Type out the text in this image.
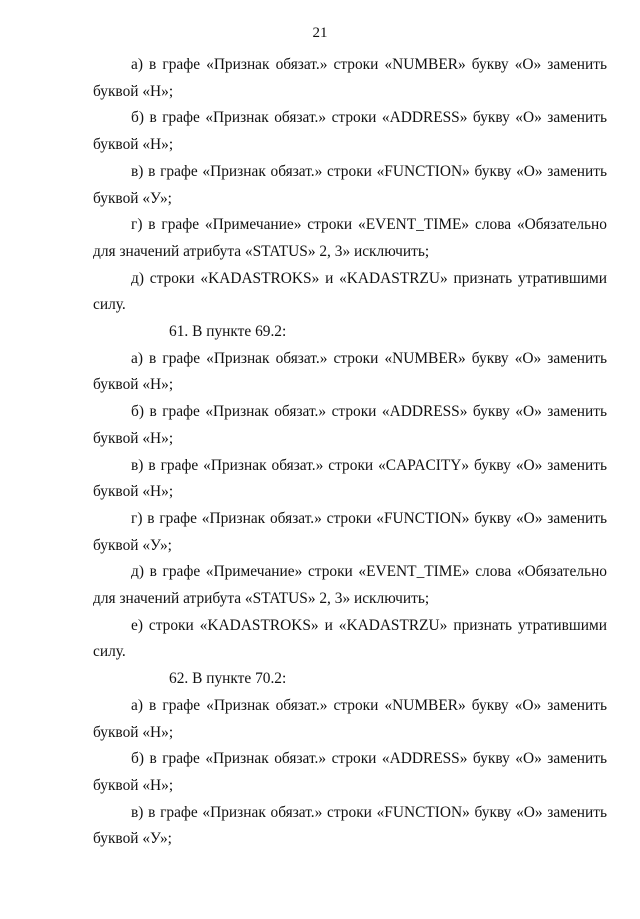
21

а) в графе «Признак обязат.» строки «NUMBER» букву «О» заменить буквой «Н»;

б) в графе «Признак обязат.» строки «ADDRESS» букву «О» заменить буквой «Н»;

в) в графе «Признак обязат.» строки «FUNCTION» букву «О» заменить буквой «У»;

г) в графе «Примечание» строки «EVENT_TIME» слова «Обязательно для значений атрибута «STATUS» 2, 3» исключить;

д) строки «KADASTROKS» и «KADASTRZU» признать утратившими силу.

61. В пункте 69.2:

а) в графе «Признак обязат.» строки «NUMBER» букву «О» заменить буквой «Н»;

б) в графе «Признак обязат.» строки «ADDRESS» букву «О» заменить буквой «Н»;

в) в графе «Признак обязат.» строки «CAPACITY» букву «О» заменить буквой «Н»;

г) в графе «Признак обязат.» строки «FUNCTION» букву «О» заменить буквой «У»;

д) в графе «Примечание» строки «EVENT_TIME» слова «Обязательно для значений атрибута «STATUS» 2, 3» исключить;

е) строки «KADASTROKS» и «KADASTRZU» признать утратившими силу.

62. В пункте 70.2:

а) в графе «Признак обязат.» строки «NUMBER» букву «О» заменить буквой «Н»;

б) в графе «Признак обязат.» строки «ADDRESS» букву «О» заменить буквой «Н»;

в) в графе «Признак обязат.» строки «FUNCTION» букву «О» заменить буквой «У»;
